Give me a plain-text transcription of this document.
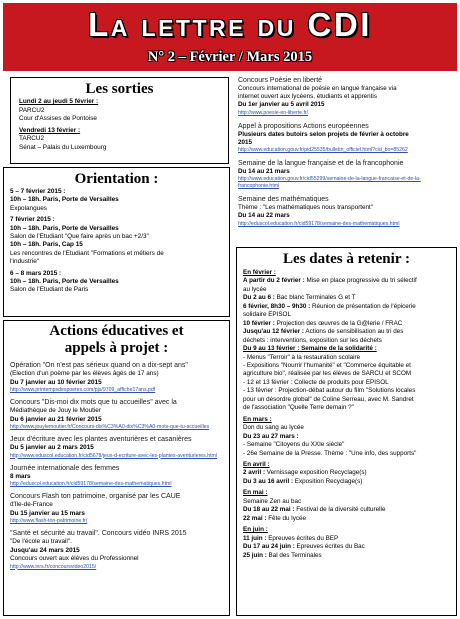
La lettre du CDI
N° 2 – Février / Mars 2015
Les sorties
Lundi 2 au jeudi 5 février :
PARCU2
Cour d'Assises de Pontoise
Vendredi 13 février :
TARCU2
Sénat – Palais du Luxembourg
Orientation :
5 – 7 février 2015 :
10h – 18h. Paris, Porte de Versailles
Expolangues
7 février 2015 :
10h – 18h. Paris, Porte de Versailles
Salon de l'Etudiant "Que faire après un bac +2/3"
10h – 18h. Paris, Cap 15
Les rencontres de l'Etudiant "Formations et métiers de
l'industrie"
6 – 8 mars 2015 :
10h – 18h. Paris, Porte de Versailles
Salon de l'Etudiant de Paris
Actions éducatives et
appels à projet :
Opération "On n'est pas sérieux quand on a dix-sept ans"
(Election d'un poème par les élèves âgés de 17 ans)
Du 7 janvier au 10 février 2015
http://www.printempsdespoetes.com/pjs/9709_affiche17ans.pdf
Concours "Dis-moi dix mots que tu accueilles" avec la
Médiathèque de Jouy le Moutier
Du 6 janvier au 21 février 2015
http://www.jouylemoutier.fr/Concours-dis%C3%A0-dix%C3%A0-mots-que-tu-accueilles
Jeux d'écriture avec les plantes aventurières et casanières
Du 5 janvier au 2 mars 2015
http://www.eduscol.education.fr/cid5678/jeux-d-ecriture-avec-les-plantes-aventurieres.html
Journée internationale des femmes
8 mars
http://eduscol.education.fr/cid59178/semaine-des-mathematiques.html
Concours Flash ton patrimoine, organisé par les CAUE
d'Île-de-France
Du 15 janvier au 15 mars
http://www.flash-ton-patrimoine.fr/
"Santé et sécurité au travail". Concours vidéo INRS 2015
"De l'école au travail".
Jusqu'au 24 mars 2015
Concours ouvert aux élèves du Professionnel
http://www.inrs.fr/concoursvideo2015/
Concours Poésie en liberté
Concours international de poésie en langue française via
internet ouvert aux lycéens, étudiants et apprentis
Du 1er janvier au 5 avril 2015
http://www.poesie-en-liberte.fr/
Appel à propositions Actions européennes
Plusieurs dates butoirs selon projets de février à octobre
2015
http://www.education.gouv.fr/pid25535/bulletin_officiel.html?cid_bo=85262
Semaine de la langue française et de la francophonie
Du 14 au 21 mars
http://www.education.gouv.fr/cid55299/semaine-de-la-langue-francaise-et-de-la-francophonie.html
Semaine des mathématiques
Thème : "Les mathématiques nous transportent"
Du 14 au 22 mars
http://eduscol.education.fr/cid59178/semaine-des-mathematiques.html
Les dates à retenir :
En février :
A partir du 2 février : Mise en place progressive du tri sélectif
au lycée
Du 2 au 6 : Bac blanc Terminales G et T
6 février, 8h30 – 9h30 : Réunion de présentation de l'épicerie
solidaire EPISOL
10 février : Projection des œuvres de la G@lerie / FRAC
Jusqu'au 12 février : Actions de sensibilisation au tri des
déchets : interventions, exposition sur les déchets
Du 9 au 13 février : Semaine de la solidarité :
- Menus "Terroir" à la restauration scolaire
- Expositions "Nourrir l'humanité" et "Commerce équitable et
agriculture bio", réalisée par les élèves de SARCU et SCOM
- 12 et 13 février : Collecte de produits pour EPISOL
- 13 février : Projection-débat autour du film "Solutions locales
pour un désordre global" de Coline Serreau, avec M. Sandret
de l'association "Quelle Terre demain ?"
En mars :
Don du sang au lycée
Du 23 au 27 mars :
- Semaine "Citoyens du XXIe siècle"
- 26e Semaine de la Presse. Thème : "Une info, des supports"
En avril :
2 avril : Vernissage exposition Recyclage(s)
Du 3 au 16 avril : Exposition Recyclage(s)
En mai :
Semaine Zen au bac
Du 18 au 22 mai : Festival de la diversité culturelle
22 mai : Fête du lycée
En juin :
11 juin : Epreuves écrites du BEP
Du 17 au 24 juin : Epreuves écrites du Bac
25 juin : Bal des Terminales
